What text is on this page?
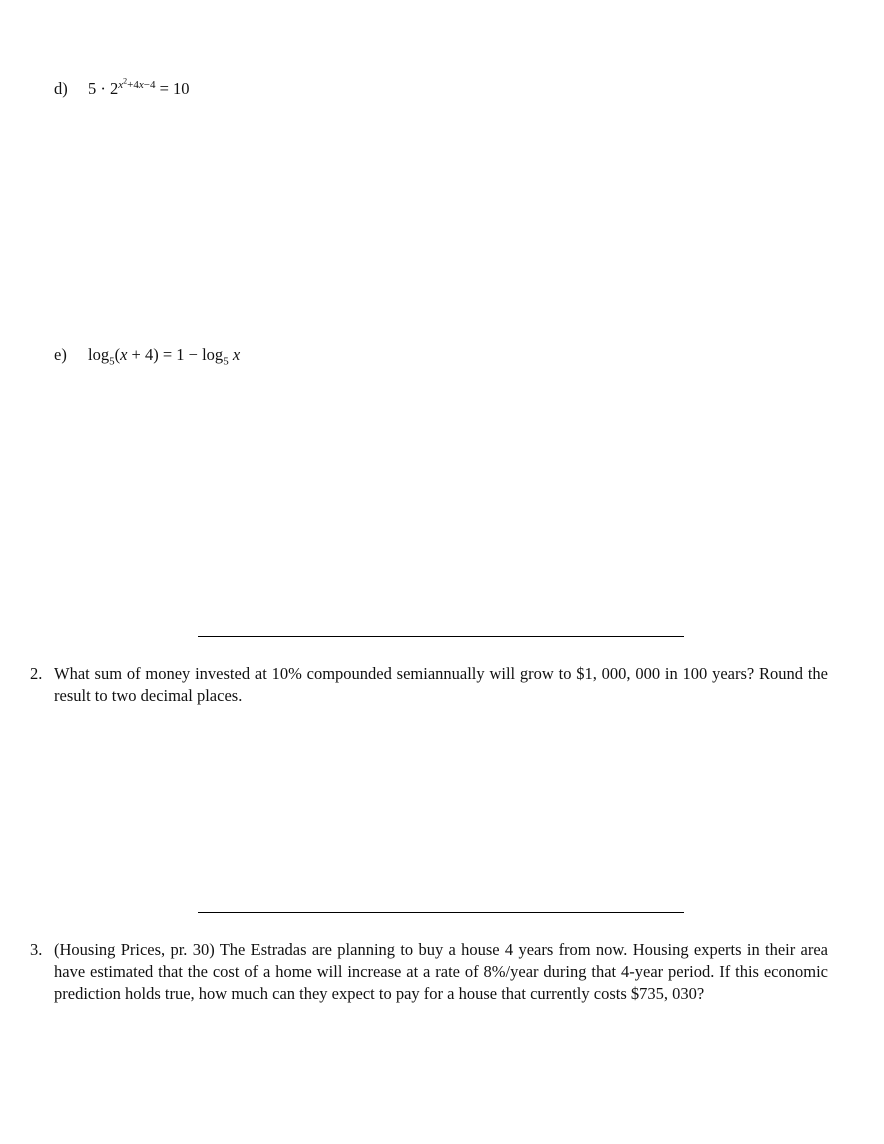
d) $5 \cdot 2^{x^2+4x-4} = 10$
e) $\log_5(x + 4) = 1 - \log_5 x$
2. What sum of money invested at 10% compounded semiannually will grow to $1, 000, 000 in 100 years? Round the result to two decimal places.
3. (Housing Prices, pr. 30) The Estradas are planning to buy a house 4 years from now. Housing experts in their area have estimated that the cost of a home will increase at a rate of 8%/year during that 4-year period. If this economic prediction holds true, how much can they expect to pay for a house that currently costs $735, 030?
